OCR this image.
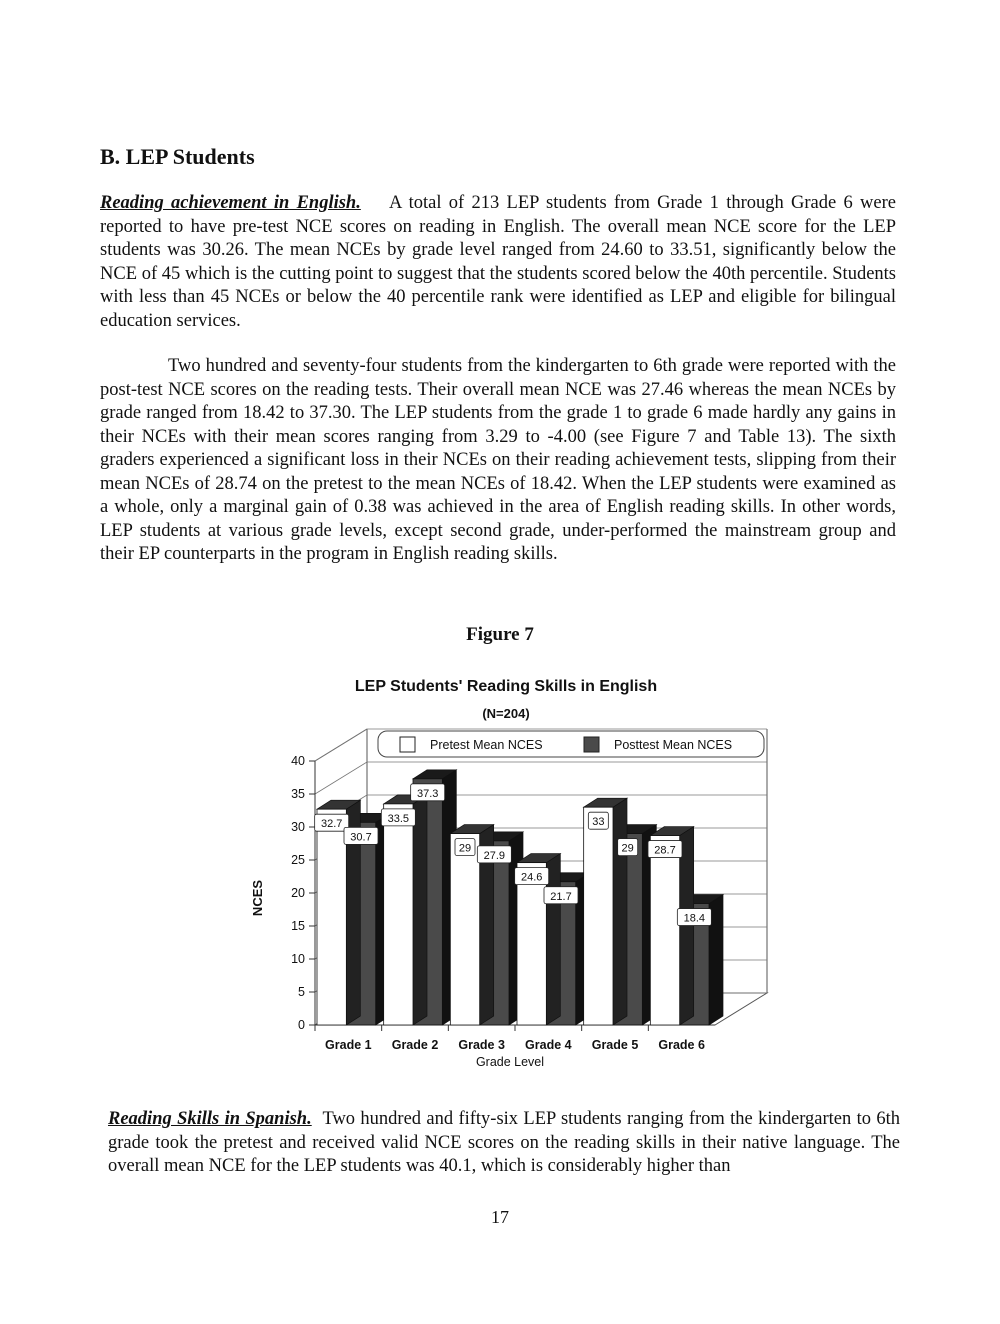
B. LEP Students

Reading achievement in English. A total of 213 LEP students from Grade 1 through Grade 6 were reported to have pre-test NCE scores on reading in English. The overall mean NCE score for the LEP students was 30.26. The mean NCEs by grade level ranged from 24.60 to 33.51, significantly below the NCE of 45 which is the cutting point to suggest that the students scored below the 40th percentile. Students with less than 45 NCEs or below the 40 percentile rank were identified as LEP and eligible for bilingual education services.

Two hundred and seventy-four students from the kindergarten to 6th grade were reported with the post-test NCE scores on the reading tests. Their overall mean NCE was 27.46 whereas the mean NCEs by grade ranged from 18.42 to 37.30. The LEP students from the grade 1 to grade 6 made hardly any gains in their NCEs with their mean scores ranging from 3.29 to -4.00 (see Figure 7 and Table 13). The sixth graders experienced a significant loss in their NCEs on their reading achievement tests, slipping from their mean NCEs of 28.74 on the pretest to the mean NCEs of 18.42. When the LEP students were examined as a whole, only a marginal gain of 0.38 was achieved in the area of English reading skills. In other words, LEP students at various grade levels, except second grade, under-performed the mainstream group and their EP counterparts in the program in English reading skills.

Figure 7
LEP Students' Reading Skills in English
(N=204)
0
5
10
15
20
25
30
35
40
Grade 1 Grade 2 Grade 3 Grade 4 Grade 5 Grade 6
32.7
30.7
33.5
37.3
29
27.9
24.6
21.7
33
29 28.7
18.4
Pretest Mean NCES	Posttest Mean NCES
Grade Level
NCES

Reading Skills in Spanish. Two hundred and fifty-six LEP students ranging from the kindergarten to 6th grade took the pretest and received valid NCE scores on the reading skills in their native language. The overall mean NCE for the LEP students was 40.1, which is considerably higher than

17
